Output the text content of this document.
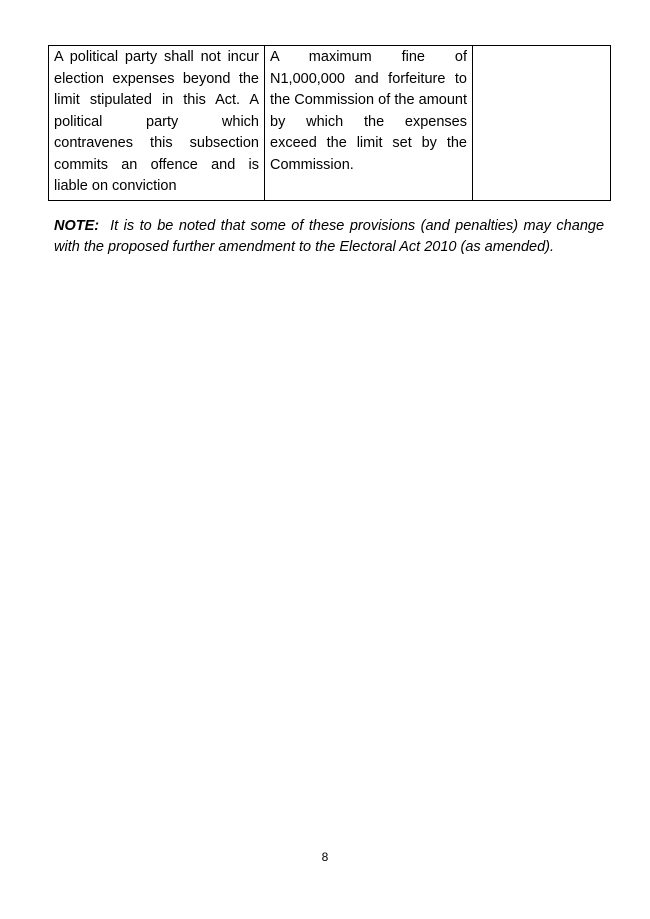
A political party shall not incur election expenses beyond the limit stipulated in this Act. A political party which contravenes this subsection commits an offence and is liable on conviction	A maximum fine of N1,000,000 and forfeiture to the Commission of the amount by which the expenses exceed the limit set by the Commission.	

NOTE: It is to be noted that some of these provisions (and penalties) may change with the proposed further amendment to the Electoral Act 2010 (as amended).

8
